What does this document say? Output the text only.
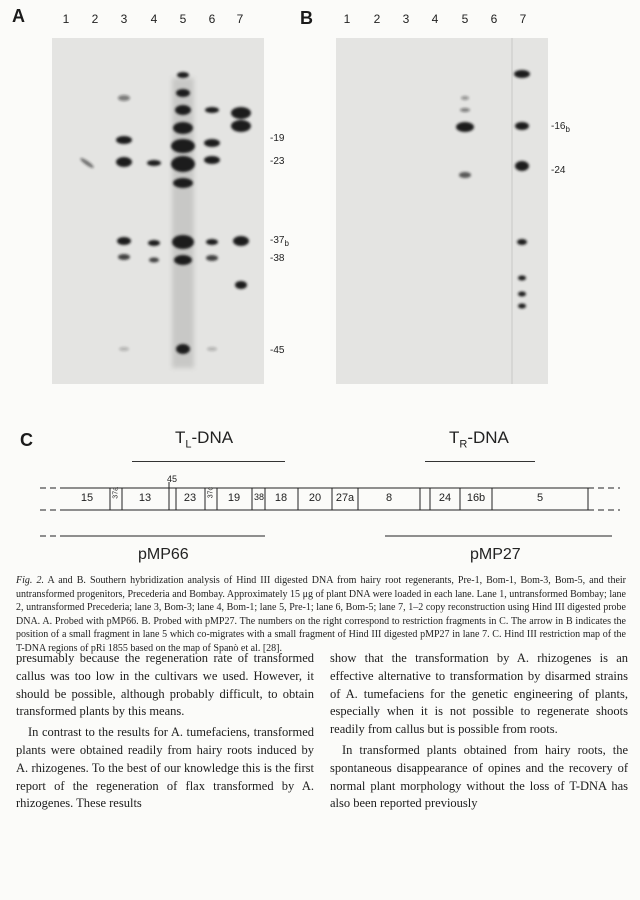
A	1 2 3 4 5 6 7
-19
-23
$-37_b$
-38
-45
B	1 2 3 4 5 6 7
$-16_b$
-24
C	$T_L$-DNA	$T_R$-DNA
45
15	37a 13	23 37c 19 38 18 20 27a	8	24 16b	5
pMP66	pMP27
Fig. 2. A and B. Southern hybridization analysis of Hind III digested DNA from hairy root regenerants, Pre-1, Bom-1, Bom-3, Bom-5, and their untransformed progenitors, Precederia and Bombay. Approximately 15 μg of plant DNA were loaded in each lane. Lane 1, untransformed Bombay; lane 2, untransformed Precederia; lane 3, Bom-3; lane 4, Bom-1; lane 5, Pre-1; lane 6, Bom-5; lane 7, 1–2 copy reconstruction using Hind III digested probe DNA. A. Probed with pMP66. B. Probed with pMP27. The numbers on the right correspond to restriction fragments in C. The arrow in B indicates the position of a small fragment in lane 5 which co-migrates with a small fragment of Hind III digested pMP27 in lane 7. C. Hind III restriction map of the T-DNA regions of pRi 1855 based on the map of Spanò et al. [28].

presumably because the regeneration rate of transformed callus was too low in the cultivars we used. However, it should be possible, although probably difficult, to obtain transformed plants by this means.

In contrast to the results for A. tumefaciens, transformed plants were obtained readily from hairy roots induced by A. rhizogenes. To the best of our knowledge this is the first report of the regeneration of flax transformed by A. rhizogenes. These results

show that the transformation by A. rhizogenes is an effective alternative to transformation by disarmed strains of A. tumefaciens for the genetic engineering of plants, especially when it is not possible to regenerate shoots readily from callus but is possible from roots.

In transformed plants obtained from hairy roots, the spontaneous disappearance of opines and the recovery of normal plant morphology without the loss of T-DNA has also been reported previously
